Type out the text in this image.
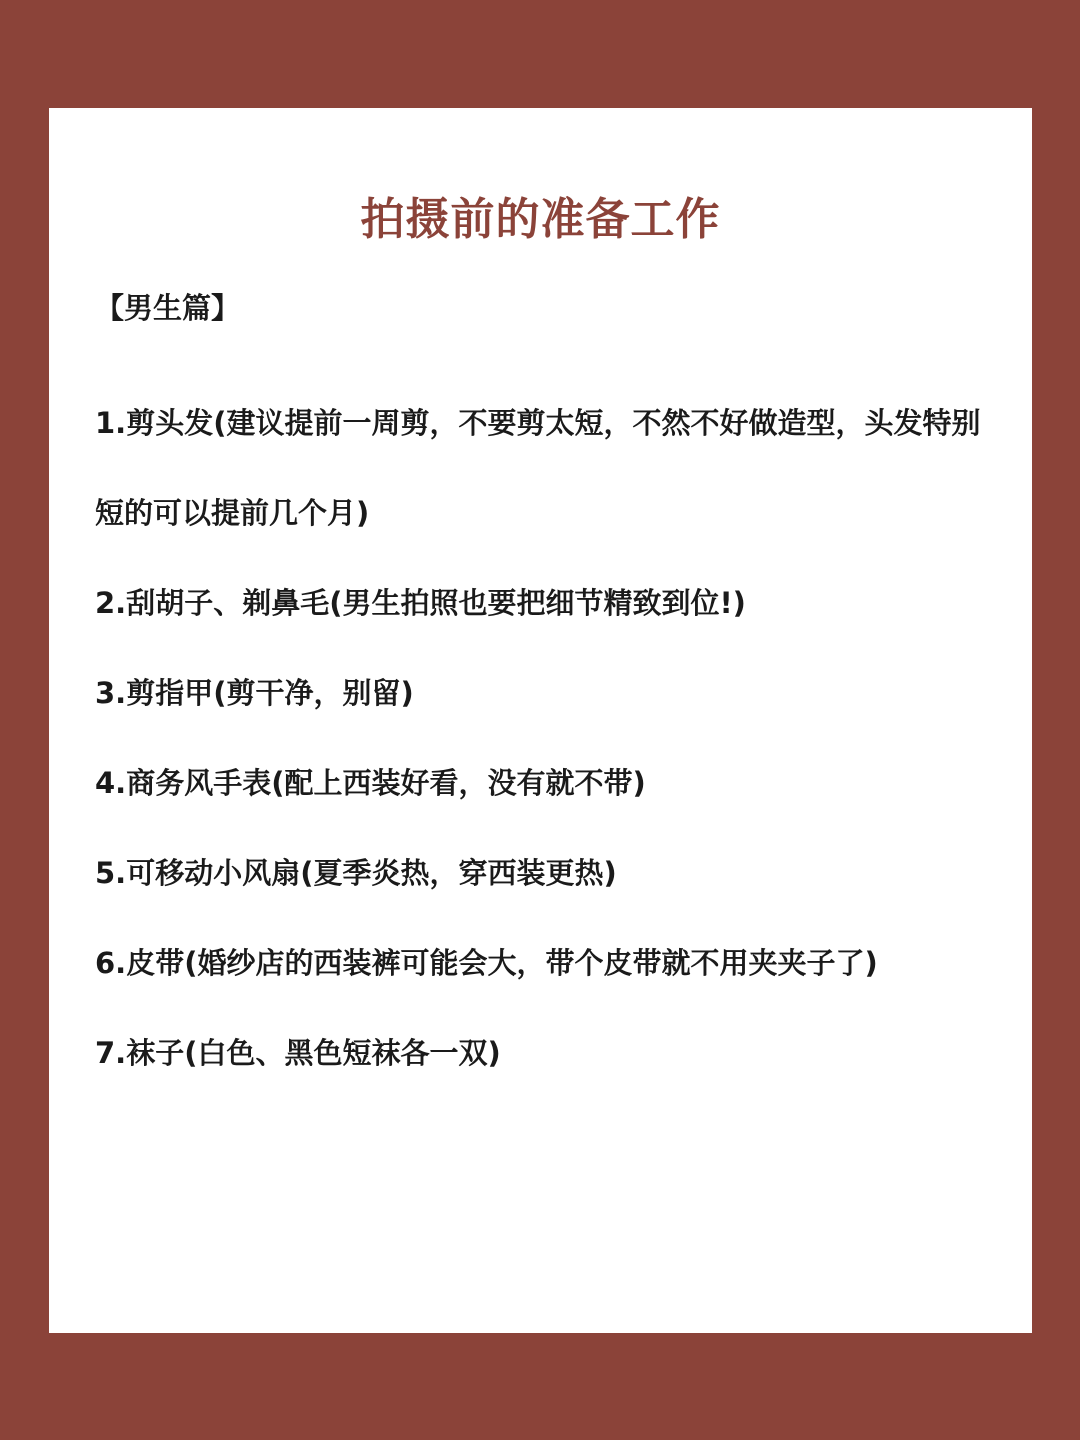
拍摄前的准备工作
【男生篇】
1.剪头发(建议提前一周剪，不要剪太短，不然不好做造型，头发特别短的可以提前几个月)
2.刮胡子、剃鼻毛(男生拍照也要把细节精致到位!)
3.剪指甲(剪干净，别留)
4.商务风手表(配上西装好看，没有就不带)
5.可移动小风扇(夏季炎热，穿西装更热)
6.皮带(婚纱店的西装裤可能会大，带个皮带就不用夹夹子了)
7.袜子(白色、黑色短袜各一双)
